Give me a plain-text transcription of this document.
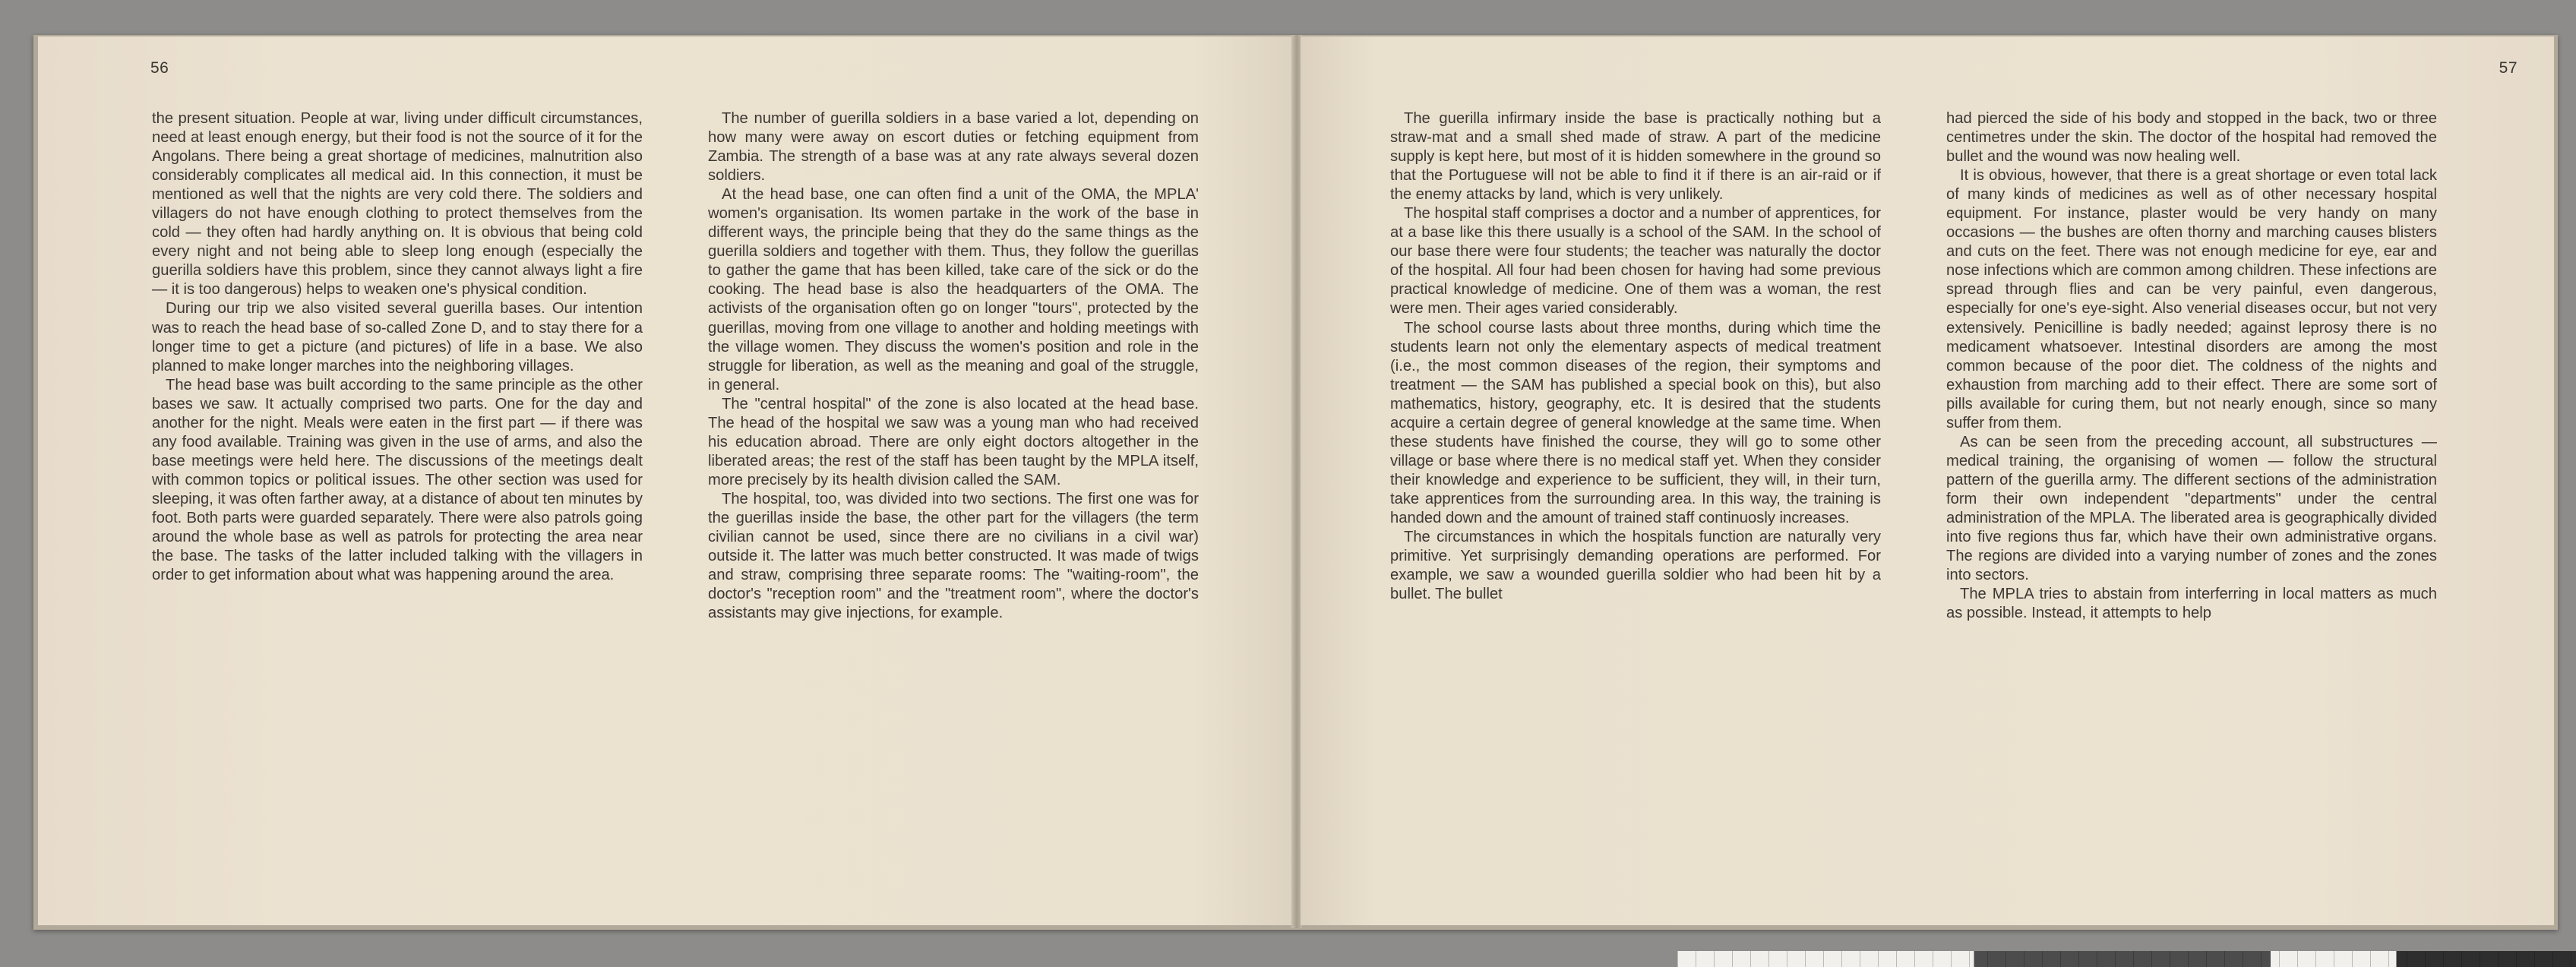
56

the present situation. People at war, living under difficult circumstances, need at least enough energy, but their food is not the source of it for the Angolans. There being a great shortage of medicines, malnutrition also considerably complicates all medical aid. In this connection, it must be mentioned as well that the nights are very cold there. The soldiers and villagers do not have enough clothing to protect themselves from the cold — they often had hardly anything on. It is obvious that being cold every night and not being able to sleep long enough (especially the guerilla soldiers have this problem, since they cannot always light a fire — it is too dangerous) helps to weaken one's physical condition.

During our trip we also visited several guerilla bases. Our intention was to reach the head base of so-called Zone D, and to stay there for a longer time to get a picture (and pictures) of life in a base. We also planned to make longer marches into the neighboring villages.

The head base was built according to the same principle as the other bases we saw. It actually comprised two parts. One for the day and another for the night. Meals were eaten in the first part — if there was any food available. Training was given in the use of arms, and also the base meetings were held here. The discussions of the meetings dealt with common topics or political issues. The other section was used for sleeping, it was often farther away, at a distance of about ten minutes by foot. Both parts were guarded separately. There were also patrols going around the whole base as well as patrols for protecting the area near the base. The tasks of the latter included talking with the villagers in order to get information about what was happening around the area.

The number of guerilla soldiers in a base varied a lot, depending on how many were away on escort duties or fetching equipment from Zambia. The strength of a base was at any rate always several dozen soldiers.

At the head base, one can often find a unit of the OMA, the MPLA' women's organisation. Its women partake in the work of the base in different ways, the principle being that they do the same things as the guerilla soldiers and together with them. Thus, they follow the guerillas to gather the game that has been killed, take care of the sick or do the cooking. The head base is also the headquarters of the OMA. The activists of the organisation often go on longer "tours", protected by the guerillas, moving from one village to another and holding meetings with the village women. They discuss the women's position and role in the struggle for liberation, as well as the meaning and goal of the struggle, in general.

The "central hospital" of the zone is also located at the head base. The head of the hospital we saw was a young man who had received his education abroad. There are only eight doctors altogether in the liberated areas; the rest of the staff has been taught by the MPLA itself, more precisely by its health division called the SAM.

The hospital, too, was divided into two sections. The first one was for the guerillas inside the base, the other part for the villagers (the term civilian cannot be used, since there are no civilians in a civil war) outside it. The latter was much better constructed. It was made of twigs and straw, comprising three separate rooms: The "waiting-room", the doctor's "reception room" and the "treatment room", where the doctor's assistants may give injections, for example.

57

The guerilla infirmary inside the base is practically nothing but a straw-mat and a small shed made of straw. A part of the medicine supply is kept here, but most of it is hidden somewhere in the ground so that the Portuguese will not be able to find it if there is an air-raid or if the enemy attacks by land, which is very unlikely.

The hospital staff comprises a doctor and a number of apprentices, for at a base like this there usually is a school of the SAM. In the school of our base there were four students; the teacher was naturally the doctor of the hospital. All four had been chosen for having had some previous practical knowledge of medicine. One of them was a woman, the rest were men. Their ages varied considerably.

The school course lasts about three months, during which time the students learn not only the elementary aspects of medical treatment (i.e., the most common diseases of the region, their symptoms and treatment — the SAM has published a special book on this), but also mathematics, history, geography, etc. It is desired that the students acquire a certain degree of general knowledge at the same time. When these students have finished the course, they will go to some other village or base where there is no medical staff yet. When they consider their knowledge and experience to be sufficient, they will, in their turn, take apprentices from the surrounding area. In this way, the training is handed down and the amount of trained staff continuosly increases.

The circumstances in which the hospitals function are naturally very primitive. Yet surprisingly demanding operations are performed. For example, we saw a wounded guerilla soldier who had been hit by a bullet. The bullet

had pierced the side of his body and stopped in the back, two or three centimetres under the skin. The doctor of the hospital had removed the bullet and the wound was now healing well.

It is obvious, however, that there is a great shortage or even total lack of many kinds of medicines as well as of other necessary hospital equipment. For instance, plaster would be very handy on many occasions — the bushes are often thorny and marching causes blisters and cuts on the feet. There was not enough medicine for eye, ear and nose infections which are common among children. These infections are spread through flies and can be very painful, even dangerous, especially for one's eye-sight. Also venerial diseases occur, but not very extensively. Penicilline is badly needed; against leprosy there is no medicament whatsoever. Intestinal disorders are among the most common because of the poor diet. The coldness of the nights and exhaustion from marching add to their effect. There are some sort of pills available for curing them, but not nearly enough, since so many suffer from them.

As can be seen from the preceding account, all substructures — medical training, the organising of women — follow the structural pattern of the guerilla army. The different sections of the administration form their own independent "departments" under the central administration of the MPLA. The liberated area is geographically divided into five regions thus far, which have their own administrative organs. The regions are divided into a varying number of zones and the zones into sectors.

The MPLA tries to abstain from interferring in local matters as much as possible. Instead, it attempts to help
